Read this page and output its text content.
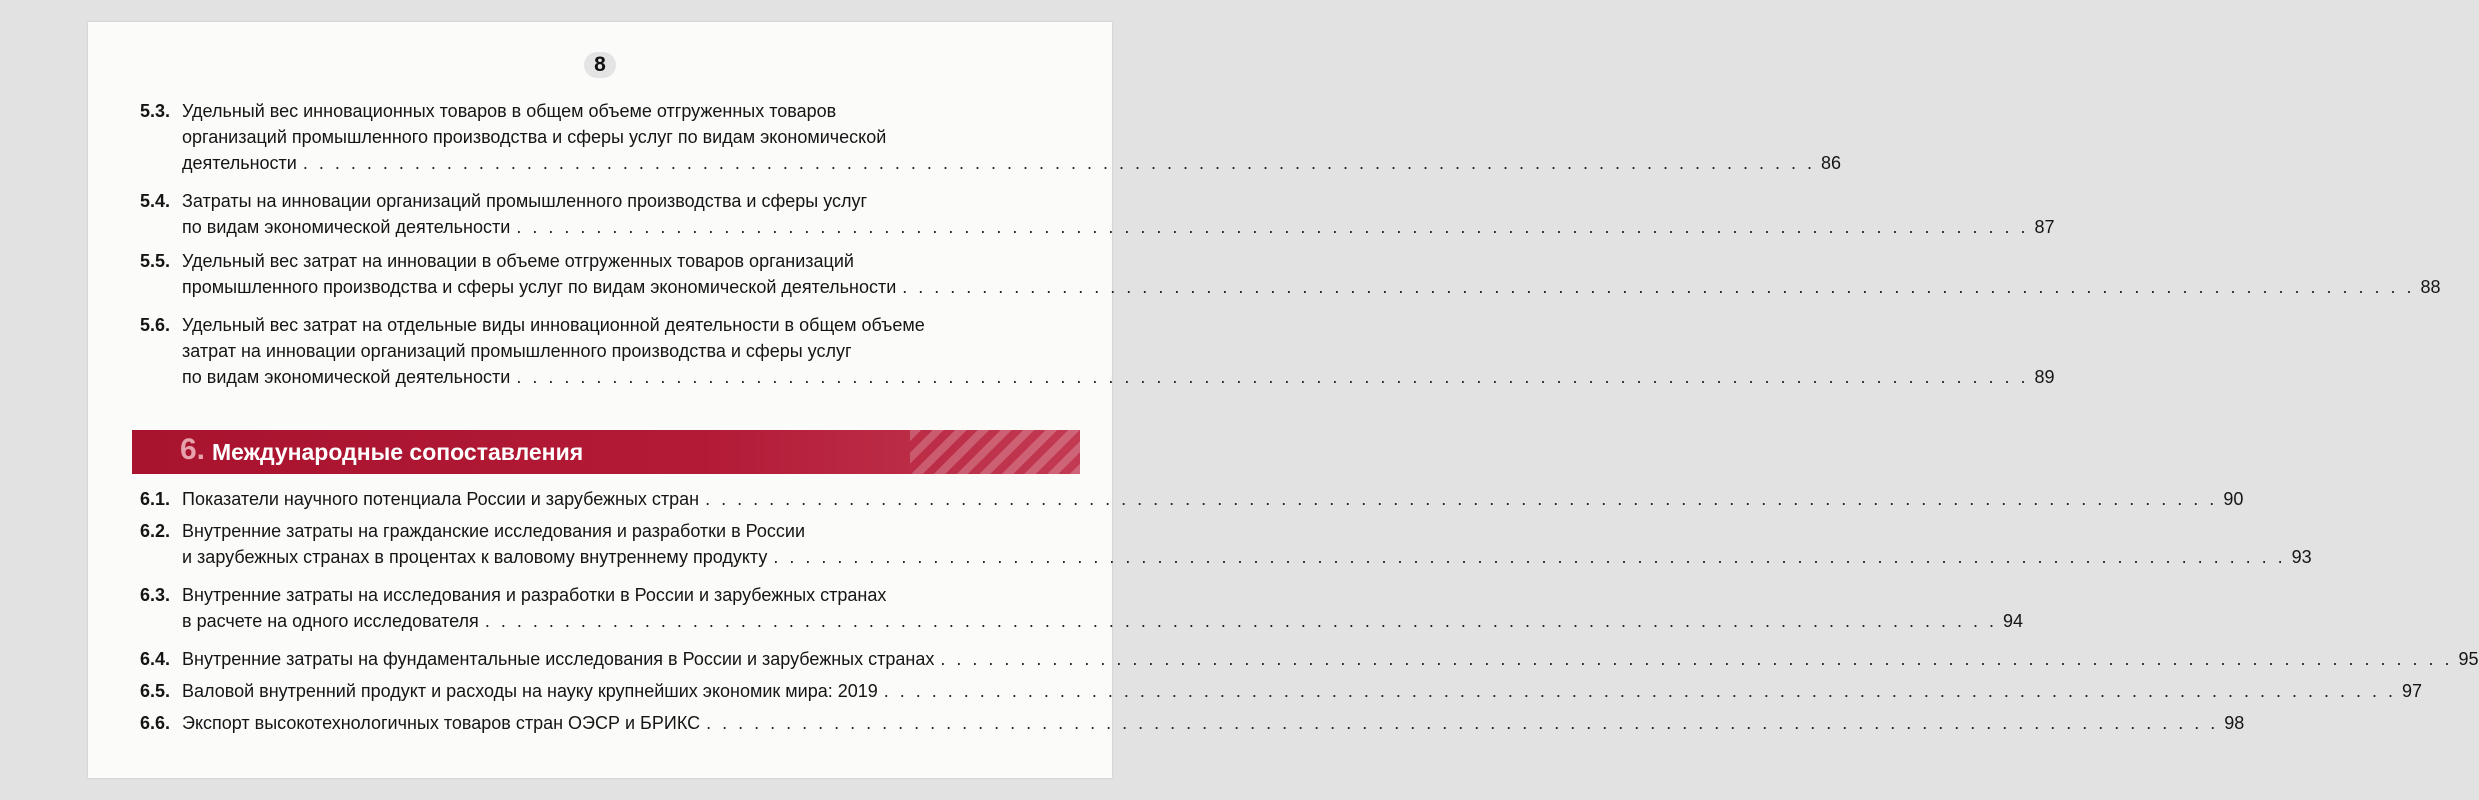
8
5.3. Удельный вес инновационных товаров в общем объеме отгруженных товаров
организаций промышленного производства и сферы услуг по видам экономической
деятельности . . . . . . . . . . . . . . . . . . . . . . . . . . . . . . . . . . . . . . . . . . . . . . . . . . . . . . . . . . . . . . . . . . . . . . . . . . . . . . . . . . . . . . . . . . . . . . . 86
5.4. Затраты на инновации организаций промышленного производства и сферы услуг
по видам экономической деятельности . . . . . . . . . . . . . . . . . . . . . . . . . . . . . . . . . . . . . . . . . . . . . . . . . . . . . . . . . . . . . . . . . . . . . . . . . . . . . . . . . . . . . . . . . . . . . . . 87
5.5. Удельный вес затрат на инновации в объеме отгруженных товаров организаций
промышленного производства и сферы услуг по видам экономической деятельности . . . . . . . . . . . . . . . . . . . . . . . . . . . . . . . . . . . . . . . . . . . . . . . . . . . . . . . . . . . . . . . . . . . . . . . . . . . . . . . . . . . . . . . . . . . . . . . 88
5.6. Удельный вес затрат на отдельные виды инновационной деятельности в общем объеме
затрат на инновации организаций промышленного производства и сферы услуг
по видам экономической деятельности . . . . . . . . . . . . . . . . . . . . . . . . . . . . . . . . . . . . . . . . . . . . . . . . . . . . . . . . . . . . . . . . . . . . . . . . . . . . . . . . . . . . . . . . . . . . . . . 89
6. Международные сопоставления
6.1. Показатели научного потенциала России и зарубежных стран . . . . . . . . . . . . . . . . . . . . . . . . . . . . . . . . . . . . . . . . . . . . . . . . . . . . . . . . . . . . . . . . . . . . . . . . . . . . . . . . . . . . . . . . . . . . . . . 90
6.2. Внутренние затраты на гражданские исследования и разработки в России
и зарубежных странах в процентах к валовому внутреннему продукту . . . . . . . . . . . . . . . . . . . . . . . . . . . . . . . . . . . . . . . . . . . . . . . . . . . . . . . . . . . . . . . . . . . . . . . . . . . . . . . . . . . . . . . . . . . . . . . 93
6.3. Внутренние затраты на исследования и разработки в России и зарубежных странах
в расчете на одного исследователя . . . . . . . . . . . . . . . . . . . . . . . . . . . . . . . . . . . . . . . . . . . . . . . . . . . . . . . . . . . . . . . . . . . . . . . . . . . . . . . . . . . . . . . . . . . . . . . 94
6.4. Внутренние затраты на фундаментальные исследования в России и зарубежных странах . . . . . . . . . . . . . . . . . . . . . . . . . . . . . . . . . . . . . . . . . . . . . . . . . . . . . . . . . . . . . . . . . . . . . . . . . . . . . . . . . . . . . . . . . . . . . . . 95
6.5. Валовой внутренний продукт и расходы на науку крупнейших экономик мира: 2019 . . . . . . . . . . . . . . . . . . . . . . . . . . . . . . . . . . . . . . . . . . . . . . . . . . . . . . . . . . . . . . . . . . . . . . . . . . . . . . . . . . . . . . . . . . . . . . . 97
6.6. Экспорт высокотехнологичных товаров стран ОЭСР и БРИКС . . . . . . . . . . . . . . . . . . . . . . . . . . . . . . . . . . . . . . . . . . . . . . . . . . . . . . . . . . . . . . . . . . . . . . . . . . . . . . . . . . . . . . . . . . . . . . . 98
